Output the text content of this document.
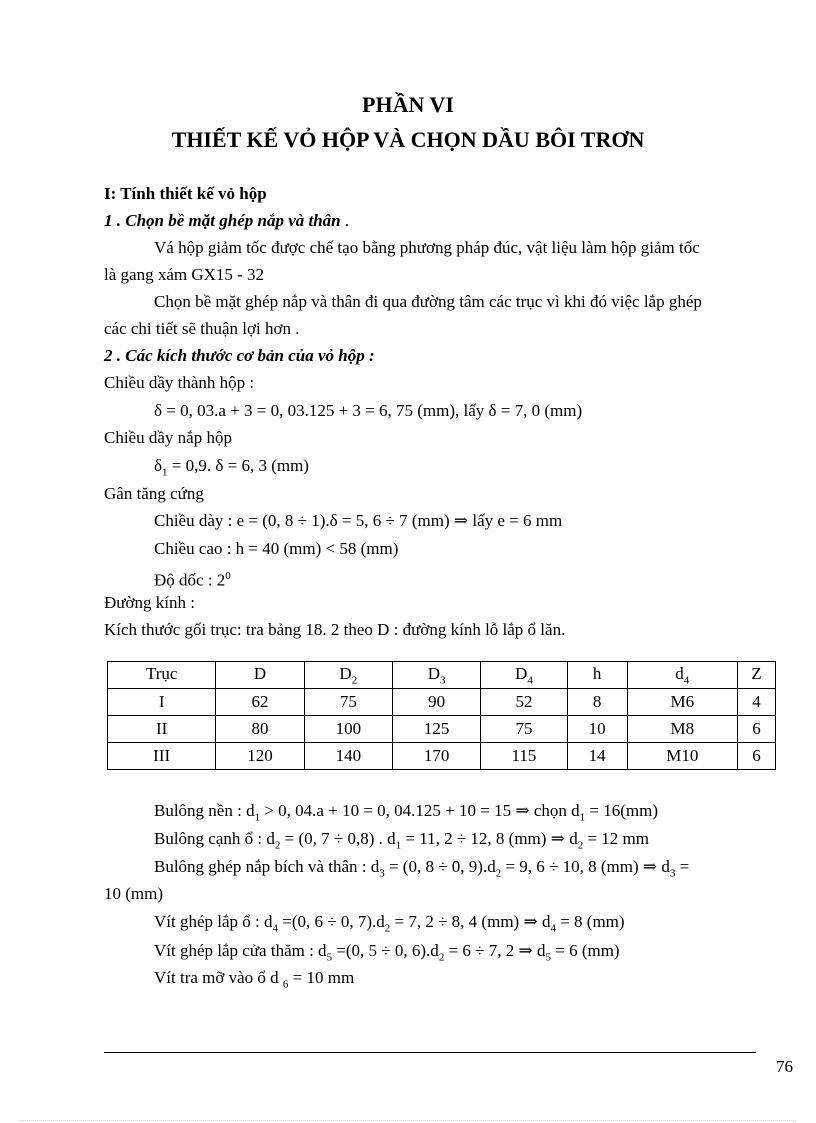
PHẦN VI
THIẾT KẾ VỎ HỘP VÀ CHỌN DẦU BÔI TRƠN
I: Tính thiết kế vỏ hộp
1 . Chọn bề mặt ghép nắp và thân .
Vá hộp giảm tốc được chế tạo bằng phương pháp đúc, vật liệu làm hộp giảm tốc
là gang xám GX15 - 32
Chọn bề mặt ghép nắp và thân đi qua đường tâm các trục vì khi đó việc lắp ghép
các chi tiết sẽ thuận lợi hơn .
2 . Các kích thước cơ bản của vỏ hộp :
Chiều dầy thành hộp :
δ = 0, 03.a + 3 = 0, 03.125 + 3 = 6, 75 (mm), lấy δ = 7, 0 (mm)
Chiều dầy nắp hộp
$\delta_1 = 0,9$. δ = 6, 3 (mm)
Gân tăng cứng
Chiều dày : e = (0, 8 ÷ 1).δ = 5, 6 ÷ 7 (mm) ⇒ lấy e = 6 mm
Chiều cao : h = 40 (mm) < 58 (mm)
Độ dốc : $2^0$
Đường kính :
Kích thước gối trục: tra bảng 18. 2 theo D : đường kính lỗ lắp ổ lăn.
Trục	D	$D_2$	$D_3$	$D_4$	h	$d_4$	Z
I	62	75	90	52	8	M6	4
II	80	100	125	75	10	M8	6
III	120	140	170	115	14	M10	6
Bulông nền : $d_1 > 0$, 04.a + 10 = 0, 04.125 + 10 = 15 ⇒ chọn $d_1 = 16(mm)$
Bulông cạnh ổ : $d_2 = (0$, 7 ÷ 0,8) . $d_1 = 11$, 2 ÷ 12, 8 (mm) ⇒ $d_2 = 12$ mm
Bulông ghép nắp bích và thân : $d_3 = (0$, 8 ÷ 0, $9).d_2 = 9$, 6 ÷ 10, 8 (mm) ⇒ $d_3$ =
10 (mm)
Vít ghép lắp ổ : $d_4 =(0$, 6 ÷ 0, $7).d_2 = 7$, 2 ÷ 8, 4 (mm) ⇒ $d_4 = 8$ (mm)
Vít ghép lắp cửa thăm : $d_5 =(0$, 5 ÷ 0, $6).d_2 = 6 \div 7$, 2 ⇒ $d_5 = 6$ (mm)
Vít tra mỡ vào ổ d $_6$ = 10 mm
76
